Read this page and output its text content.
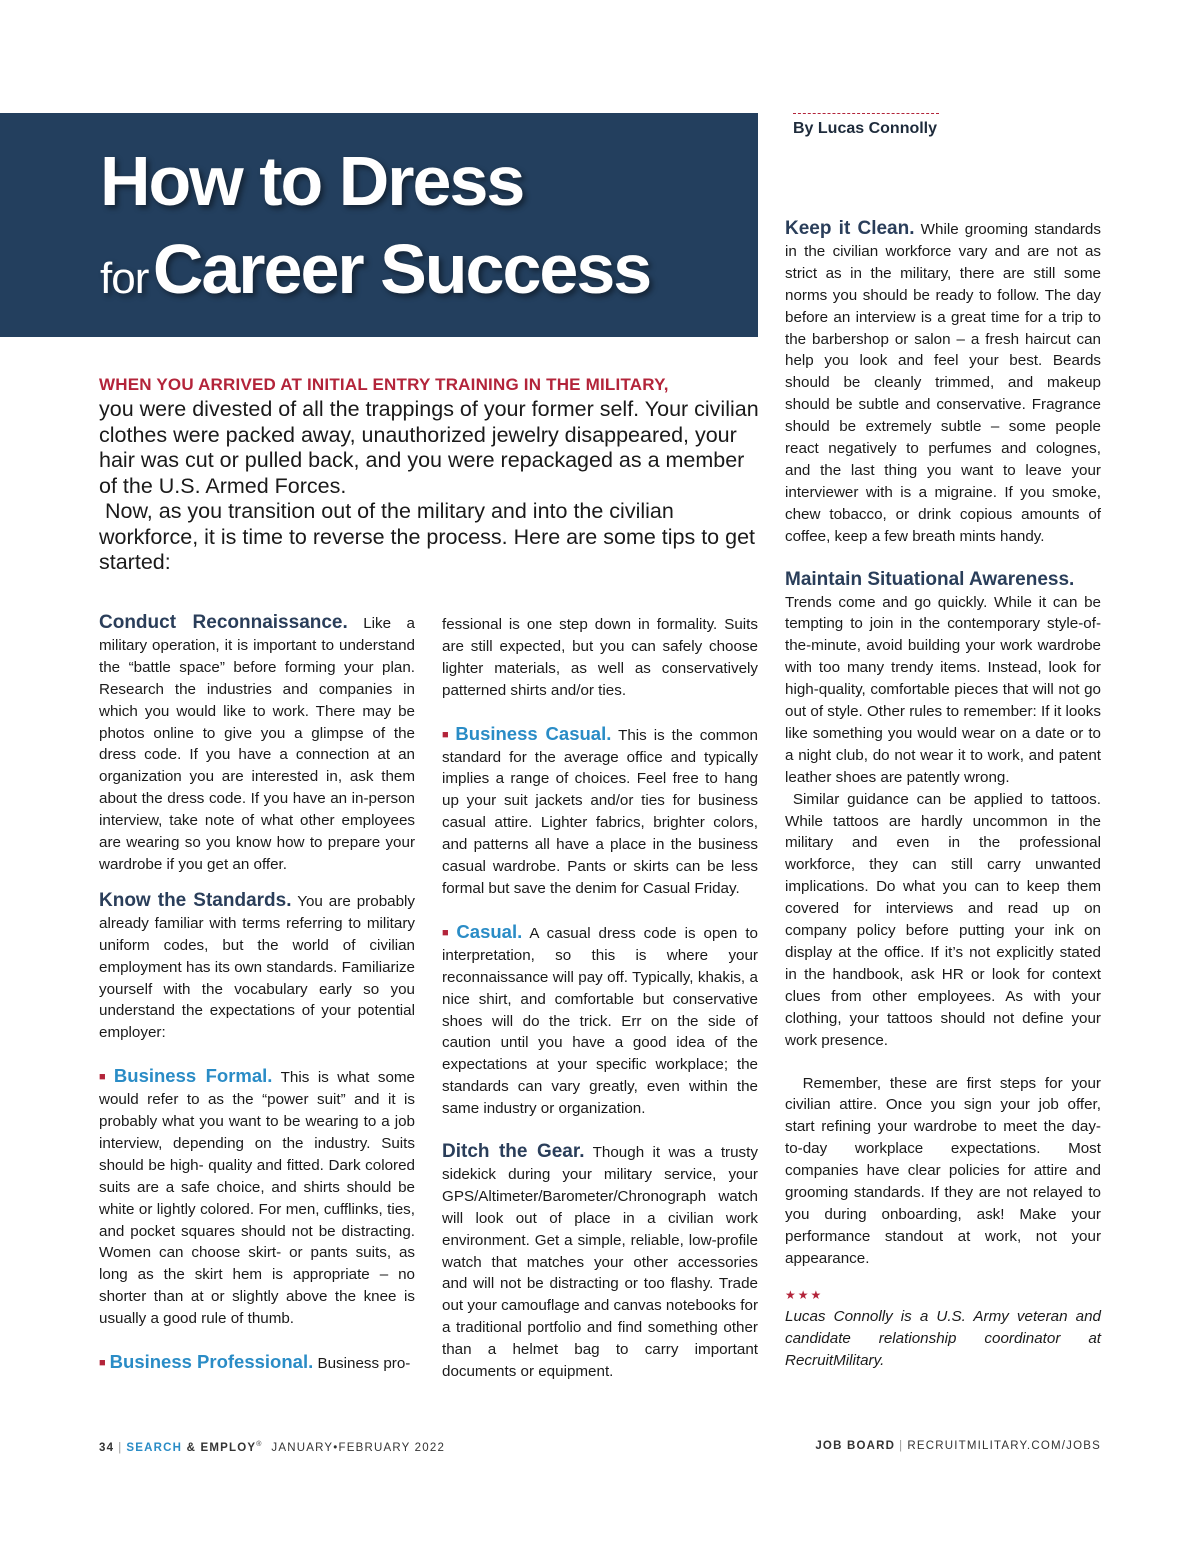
How to Dress
for Career Success
By Lucas Connolly
WHEN YOU ARRIVED AT INITIAL ENTRY TRAINING IN THE MILITARY,

you were divested of all the trappings of your former self. Your civilian clothes were packed away, unauthorized jewelry disappeared, your hair was cut or pulled back, and you were repackaged as a member of the U.S. Armed Forces.

Now, as you transition out of the military and into the civilian workforce, it is time to reverse the process. Here are some tips to get started:

Conduct Reconnaissance. Like a military operation, it is important to understand the “battle space” before forming your plan. Research the industries and companies in which you would like to work. There may be photos online to give you a glimpse of the dress code. If you have a connection at an organization you are interested in, ask them about the dress code. If you have an in-person interview, take note of what other employees are wearing so you know how to prepare your wardrobe if you get an offer.

Know the Standards. You are probably already familiar with terms referring to military uniform codes, but the world of civilian employment has its own standards. Familiarize yourself with the vocabulary early so you understand the expectations of your potential employer:

■ Business Formal. This is what some would refer to as the “power suit” and it is probably what you want to be wearing to a job interview, depending on the industry. Suits should be high- quality and fitted. Dark colored suits are a safe choice, and shirts should be white or lightly colored. For men, cufflinks, ties, and pocket squares should not be distracting. Women can choose skirt- or pants suits, as long as the skirt hem is appropriate – no shorter than at or slightly above the knee is usually a good rule of thumb.

■ Business Professional. Business pro-

fessional is one step down in formality. Suits are still expected, but you can safely choose lighter materials, as well as conservatively patterned shirts and/or ties.

■ Business Casual. This is the common standard for the average office and typically implies a range of choices. Feel free to hang up your suit jackets and/or ties for business casual attire. Lighter fabrics, brighter colors, and patterns all have a place in the business casual wardrobe. Pants or skirts can be less formal but save the denim for Casual Friday.

■ Casual. A casual dress code is open to interpretation, so this is where your reconnaissance will pay off. Typically, khakis, a nice shirt, and comfortable but conservative shoes will do the trick. Err on the side of caution until you have a good idea of the expectations at your specific workplace; the standards can vary greatly, even within the same industry or organization.

Ditch the Gear. Though it was a trusty sidekick during your military service, your GPS/Altimeter/Barometer/Chronograph watch will look out of place in a civilian work environment. Get a simple, reliable, low-profile watch that matches your other accessories and will not be distracting or too flashy. Trade out your camouflage and canvas notebooks for a traditional portfolio and find something other than a helmet bag to carry important documents or equipment.

Keep it Clean. While grooming standards in the civilian workforce vary and are not as strict as in the military, there are still some norms you should be ready to follow. The day before an interview is a great time for a trip to the barbershop or salon – a fresh haircut can help you look and feel your best. Beards should be cleanly trimmed, and makeup should be subtle and conservative. Fragrance should be extremely subtle – some people react negatively to perfumes and colognes, and the last thing you want to leave your interviewer with is a migraine. If you smoke, chew tobacco, or drink copious amounts of coffee, keep a few breath mints handy.

Maintain Situational Awareness.

Trends come and go quickly. While it can be tempting to join in the contemporary style-of-the-minute, avoid building your work wardrobe with too many trendy items. Instead, look for high-quality, comfortable pieces that will not go out of style. Other rules to remember: If it looks like something you would wear on a date or to a night club, do not wear it to work, and patent leather shoes are patently wrong.

Similar guidance can be applied to tattoos. While tattoos are hardly uncommon in the military and even in the professional workforce, they can still carry unwanted implications. Do what you can to keep them covered for interviews and read up on company policy before putting your ink on display at the office. If it’s not explicitly stated in the handbook, ask HR or look for context clues from other employees. As with your clothing, your tattoos should not define your work presence.

Remember, these are first steps for your civilian attire. Once you sign your job offer, start refining your wardrobe to meet the day-to-day workplace expectations. Most companies have clear policies for attire and grooming standards. If they are not relayed to you during onboarding, ask! Make your performance standout at work, not your appearance.

★★★

Lucas Connolly is a U.S. Army veteran and candidate relationship coordinator at RecruitMilitary.

34 | SEARCH & EMPLOY® JANUARY•FEBRUARY 2022	JOB BOARD | RECRUITMILITARY.COM/JOBS
